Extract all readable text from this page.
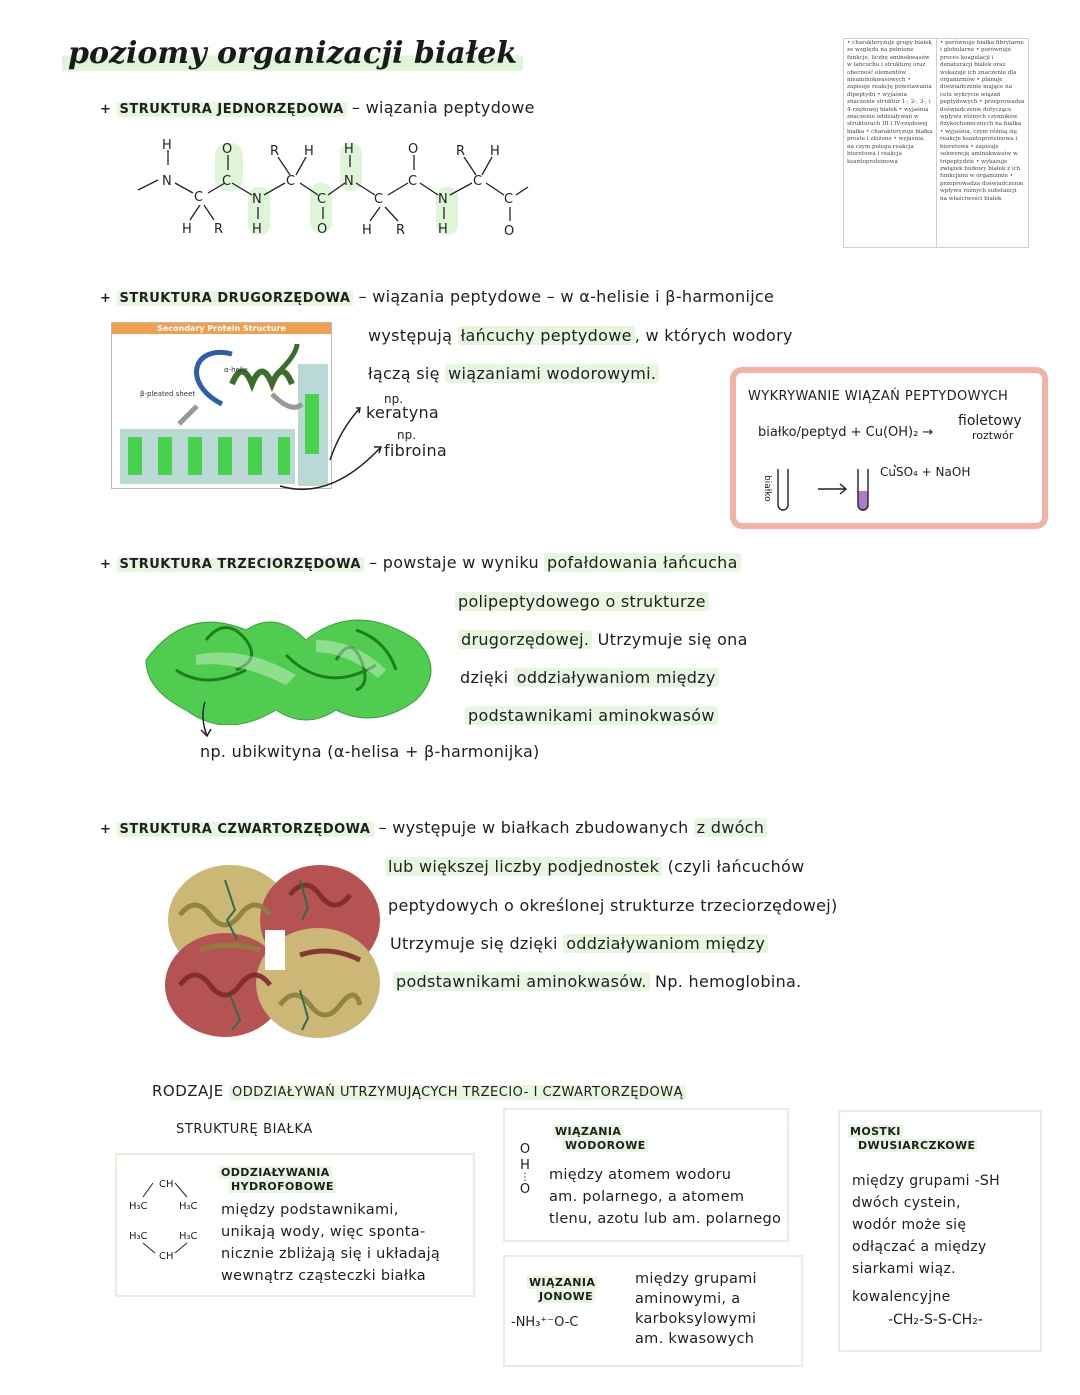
poziomy organizacji białek	• charakteryzuje grupy białek ze względu na pełnione funkcje, liczbę aminokwasów w łańcuchu i strukturę oraz obecność elementów nieaminokwasowych • zapisuje reakcję powstawania dipeptydu • wyjaśnia znaczenie struktur 1-, 2-, 3-, i 4-rzędowej białek • wyjaśnia znaczenie oddziaływań w strukturach III i IV-rzędowej białka • charakteryzuje białka proste i złożone • wyjaśnia, na czym polega reakcja biuretowa i reakcja ksantoproteinowa
• porównuje białka fibrylarne i globularne • porównuje proces koagulacji i denaturacji białek oraz wskazuje ich znaczenie dla organizmów • planuje doświadczenie mające na celu wykrycie wiązań peptydowych • przeprowadza doświadczenie dotyczące wpływu różnych czynników fizykochemicznych na białka • wyjaśnia, czym różnią się reakcje ksantoproteinowa i biuretowa • zapisuje sekwencję aminokwasów w tripeptydzie • wykazuje związek budowy białek z ich funkcjami w organizmie • przeprowadza doświadczenie wpływu różnych substancji na właściwości białek
+ STRUKTURA JEDNORZĘDOWA – wiązania peptydowe
H
N
C
H R
O
C
N
H
R H
C
C
O
H
N
C
H R
O
C
N
H
R H
C
C
O
+ STRUKTURA DRUGORZĘDOWA – wiązania peptydowe – w α-helisie i β-harmonijce
Secondary Protein Structure
α-helix
β-pleated sheet
występują łańcuchy peptydowe , w których wodory
łączą się wiązaniami wodorowymi.
np.
keratyna
np.
fibroina
WYKRYWANIE WIĄZAŃ PEPTYDOWYCH
białko/peptyd + Cu(OH)₂ →
fioletowy
roztwór
CuSO₄ + NaOH
białko
+ STRUKTURA TRZECIORZĘDOWA – powstaje w wyniku pofałdowania łańcucha
polipeptydowego o strukturze
drugorzędowej. Utrzymuje się ona
dzięki oddziaływaniom między
podstawnikami aminokwasów
np. ubikwityna (α-helisa + β-harmonijka)
+ STRUKTURA CZWARTORZĘDOWA – występuje w białkach zbudowanych z dwóch
lub większej liczby podjednostek (czyli łańcuchów
peptydowych o określonej strukturze trzeciorzędowej)
Utrzymuje się dzięki oddziaływaniom między
podstawnikami aminokwasów. Np. hemoglobina.
RODZAJE ODDZIAŁYWAŃ UTRZYMUJĄCYCH TRZECIO- I CZWARTORZĘDOWĄ
STRUKTURĘ BIAŁKA
CH
H₃C	H₃C
H₃C	H₃C
CH
ODDZIAŁYWANIA
HYDROFOBOWE
między podstawnikami,
unikają wody, więc sponta-
nicznie zbliżają się i układają
wewnątrz cząsteczki białka
WIĄZANIA
WODOROWE
O
H
⋮
O
między atomem wodoru
am. polarnego, a atomem
tlenu, azotu lub am. polarnego
WIĄZANIA
JONOWE
-NH₃⁺⁻O-C
między grupami
aminowymi, a
karboksylowymi
am. kwasowych
MOSTKI
DWUSIARCZKOWE
między grupami -SH
dwóch cystein,
wodór może się
odłączać a między
siarkami wiąz.
kowalencyjne
-CH₂-S-S-CH₂-
